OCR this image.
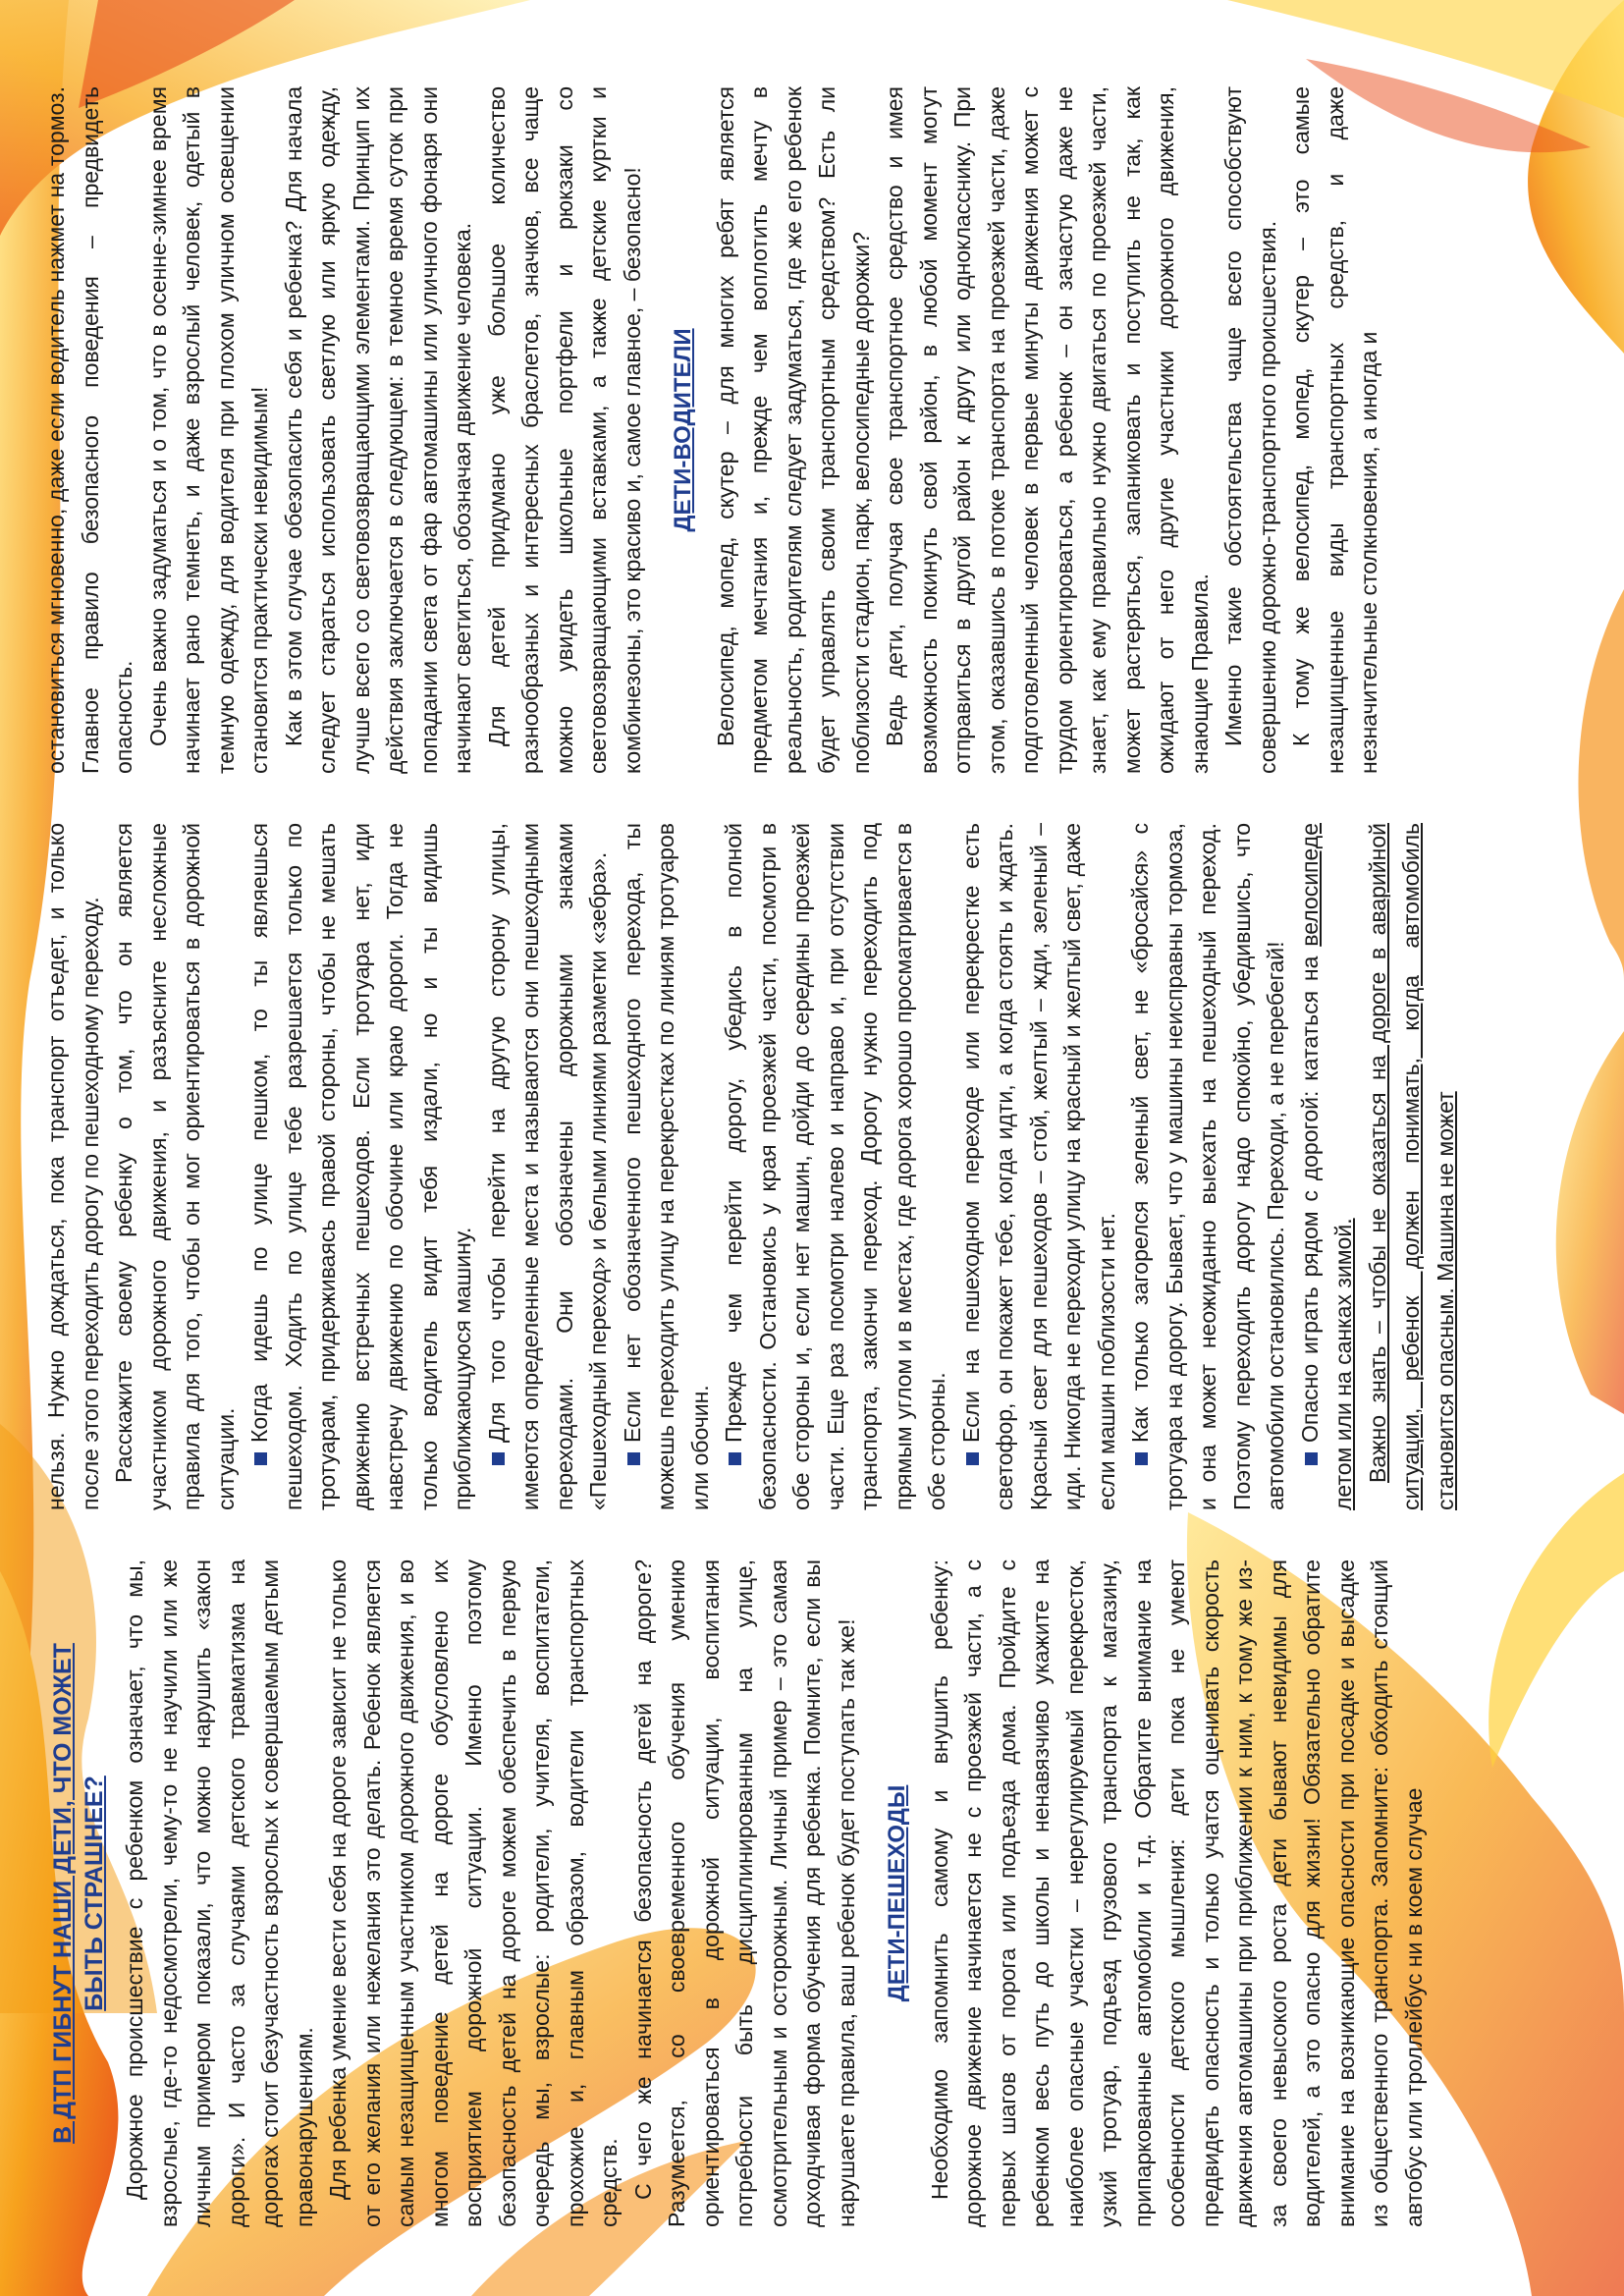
В ДТП ГИБНУТ НАШИ ДЕТИ, ЧТО МОЖЕТ БЫТЬ СТРАШНЕЕ? Дорожное происшествие с ребенком означает, что мы, взрослые, где-то недосмотрели, чему-то не научили или же личным примером показали, что можно нарушить «закон дороги». И часто за случаями детского травматизма на дорогах стоит безучастность взрослых к совершаемым детьми правонарушениям. Для ребенка умение вести себя на дороге зависит не только от его желания или нежелания это делать. Ребенок является самым незащищенным участником дорожного движения, и во многом поведение детей на дороге обусловлено их восприятием дорожной ситуации. Именно поэтому безопасность детей на дороге можем обеспечить в первую очередь мы, взрослые: родители, учителя, воспитатели, прохожие и, главным образом, водители транспортных средств. С чего же начинается безопасность детей на дороге? Разумеется, со своевременного обучения умению ориентироваться в дорожной ситуации, воспитания потребности быть дисциплинированным на улице, осмотрительным и осторожным. Личный пример – это самая доходчивая форма обучения для ребенка. Помните, если вы нарушаете правила, ваш ребенок будет поступать так же! ДЕТИ-ПЕШЕХОДЫ Необходимо запомнить самому и внушить ребенку: дорожное движение начинается не с проезжей части, а с первых шагов от порога или подъезда дома. Пройдите с ребенком весь путь до школы и ненавязчиво укажите на наиболее опасные участки – нерегулируемый перекресток, узкий тротуар, подъезд грузового транспорта к магазину, припаркованные автомобили и т.д. Обратите внимание на особенности детского мышления: дети пока не умеют предвидеть опасность и только учатся оценивать скорость движения автомашины при приближении к ним, к тому же из-за своего невысокого роста дети бывают невидимы для водителей, а это опасно для жизни! Обязательно обратите внимание на возникающие опасности при посадке и высадке из общественного транспорта. Запомните: обходить стоящий автобус или троллейбус ни в коем случае

нельзя. Нужно дождаться, пока транспорт отъедет, и только после этого переходить дорогу по пешеходному переходу. Расскажите своему ребенку о том, что он является участником дорожного движения, и разъясните несложные правила для того, чтобы он мог ориентироваться в дорожной ситуации.

Когда идешь по улице пешком, то ты являешься пешеходом. Ходить по улице тебе разрешается только по тротуарам, придерживаясь правой стороны, чтобы не мешать движению встречных пешеходов. Если тротуара нет, иди навстречу движению по обочине или краю дороги. Тогда не только водитель видит тебя издали, но и ты видишь приближающуюся машину. Для того чтобы перейти на другую сторону улицы, имеются определенные места и называются они пешеходными переходами. Они обозначены дорожными знаками «Пешеходный переход» и белыми линиями разметки «зебра». Если нет обозначенного пешеходного перехода, ты можешь переходить улицу на перекрестках по линиям тротуаров или обочин.

Прежде чем перейти дорогу, убедись в полной безопасности. Остановись у края проезжей части, посмотри в обе стороны и, если нет машин, дойди до середины проезжей части. Еще раз посмотри налево и направо и, при отсутствии транспорта, закончи переход. Дорогу нужно переходить под прямым углом и в местах, где дорога хорошо просматривается в обе стороны. Если на пешеходном переходе или перекрестке есть светофор, он покажет тебе, когда идти, а когда стоять и ждать. Красный свет для пешеходов – стой, желтый – жди, зеленый – иди. Никогда не переходи улицу на красный и желтый свет, даже если машин поблизости нет. Как только загорелся зеленый свет, не «бросайся» с тротуара на дорогу. Бывает, что у машины неисправны тормоза, и она может неожиданно выехать на пешеходный переход. Поэтому переходить дорогу надо спокойно, убедившись, что автомобили остановились. Переходи, а не перебегай! Опасно играть рядом с дорогой: кататься на велосипеде летом или на санках зимой. Важно знать – чтобы не оказаться на дороге в аварийной ситуации, ребенок должен понимать, когда автомобиль становится опасным. Машина не может

остановиться мгновенно, даже если водитель нажмет на тормоз. Главное правило безопасного поведения – предвидеть опасность. Очень важно задуматься и о том, что в осенне-зимнее время начинает рано темнеть, и даже взрослый человек, одетый в темную одежду, для водителя при плохом уличном освещении становится практически невидимым! Как в этом случае обезопасить себя и ребенка? Для начала следует стараться использовать светлую или яркую одежду, лучше всего со световозвращающими элементами. Принцип их действия заключается в следующем: в темное время суток при попадании света от фар автомашины или уличного фонаря они начинают светиться, обозначая движение человека. Для детей придумано уже большое количество разнообразных и интересных браслетов, значков, все чаще можно увидеть школьные портфели и рюкзаки со световозвращающими вставками, а также детские куртки и комбинезоны, это красиво и, самое главное, – безопасно! ДЕТИ-ВОДИТЕЛИ Велосипед, мопед, скутер – для многих ребят является предметом мечтания и, прежде чем воплотить мечту в реальность, родителям следует задуматься, где же его ребенок будет управлять своим транспортным средством? Есть ли поблизости стадион, парк, велосипедные дорожки? Ведь дети, получая свое транспортное средство и имея возможность покинуть свой район, в любой момент могут отправиться в другой район к другу или однокласснику. При этом, оказавшись в потоке транспорта на проезжей части, даже подготовленный человек в первые минуты движения может с трудом ориентироваться, а ребенок – он зачастую даже не знает, как ему правильно нужно двигаться по проезжей части, может растеряться, запаниковать и поступить не так, как ожидают от него другие участники дорожного движения, знающие Правила. Именно такие обстоятельства чаще всего способствуют совершению дорожно-транспортного происшествия. К тому же велосипед, мопед, скутер – это самые незащищенные виды транспортных средств, и даже незначительные столкновения, а иногда и
